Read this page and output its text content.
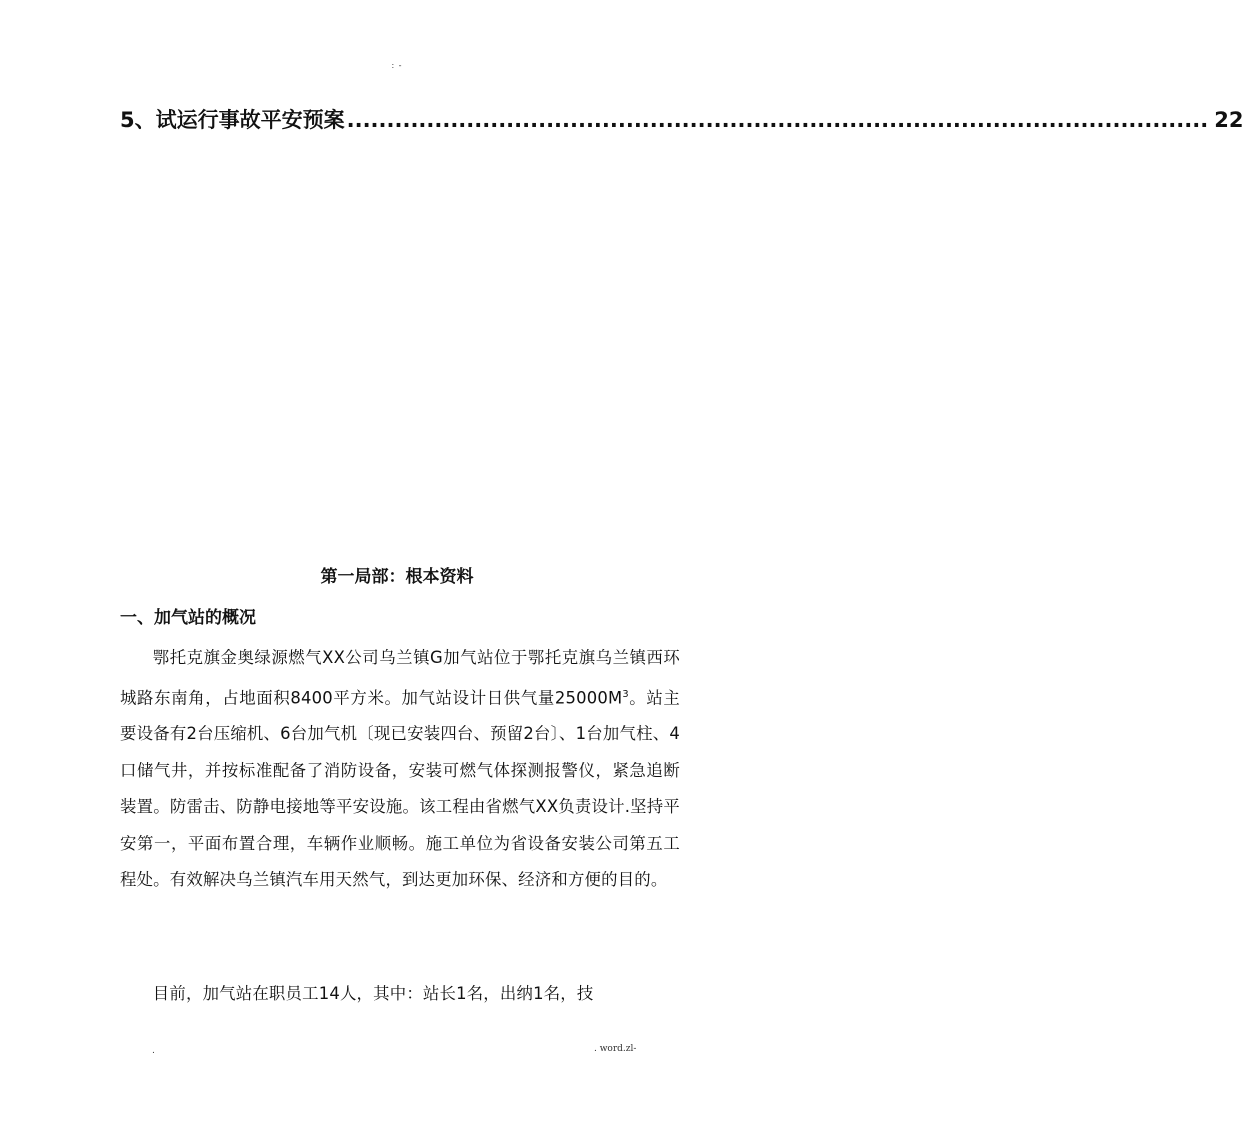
: -
5、试运行事故平安预案 ............................................................................................................ 22
第一局部：根本资料
一、加气站的概况

鄂托克旗金奥绿源燃气XX公司乌兰镇G加气站位于鄂托克旗乌兰镇西环城路东南角，占地面积8400平方米。加气站设计日供气量$25000M^3$。站主要设备有2台压缩机、6台加气机〔现已安装四台、预留2台〕、1台加气柱、4口储气井，并按标准配备了消防设备，安装可燃气体探测报警仪，紧急追断装置。防雷击、防静电接地等平安设施。该工程由省燃气XX负责设计.坚持平安第一，平面布置合理，车辆作业顺畅。施工单位为省设备安装公司第五工程处。有效解决乌兰镇汽车用天然气，到达更加环保、经济和方便的目的。

目前，加气站在职员工14人，其中：站长1名，出纳1名，技

.	. word.zl-
